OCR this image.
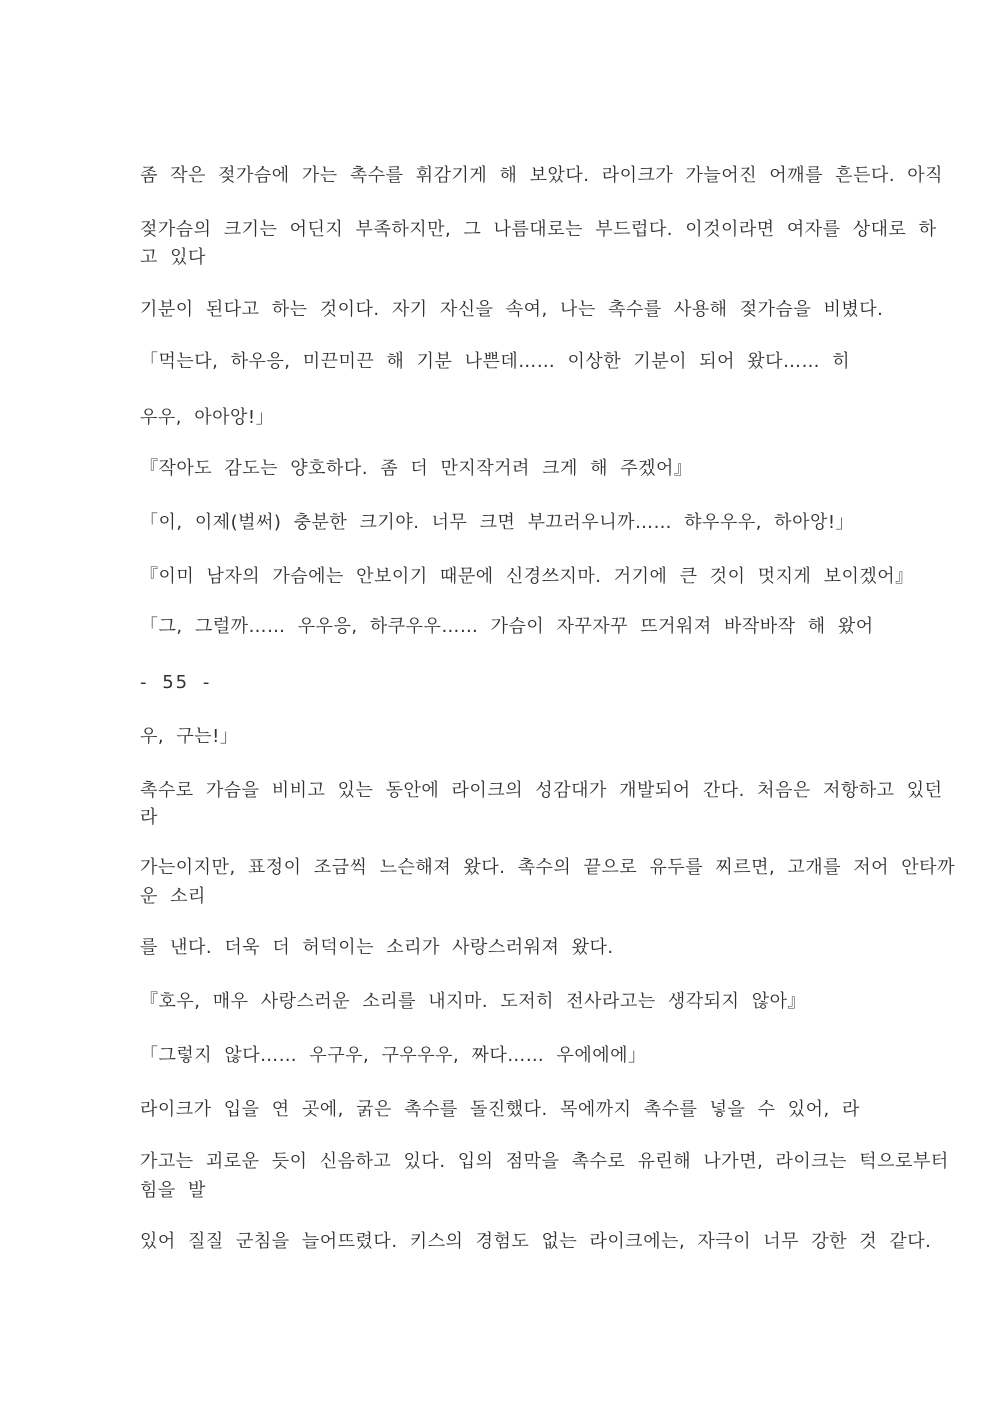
좀 작은 젖가슴에 가는 촉수를 휘감기게 해 보았다. 라이크가 가늘어진 어깨를 흔든다. 아직
젖가슴의 크기는 어딘지 부족하지만, 그 나름대로는 부드럽다. 이것이라면 여자를 상대로 하
고 있다
기분이 된다고 하는 것이다. 자기 자신을 속여, 나는 촉수를 사용해 젖가슴을 비볐다.
「먹는다, 하우응, 미끈미끈 해 기분 나쁜데…… 이상한 기분이 되어 왔다…… 히
우우, 아아앙!」
『작아도 감도는 양호하다. 좀 더 만지작거려 크게 해 주겠어』
「이, 이제(벌써) 충분한 크기야. 너무 크면 부끄러우니까…… 햐우우우, 하아앙!」
『이미 남자의 가슴에는 안보이기 때문에 신경쓰지마. 거기에 큰 것이 멋지게 보이겠어』
「그, 그럴까…… 우우응, 하쿠우우…… 가슴이 자꾸자꾸 뜨거워져 바작바작 해 왔어
- 55 -
우, 구는!」
촉수로 가슴을 비비고 있는 동안에 라이크의 성감대가 개발되어 간다. 처음은 저항하고 있던
라
가는이지만, 표정이 조금씩 느슨해져 왔다. 촉수의 끝으로 유두를 찌르면, 고개를 저어 안타까
운 소리
를 낸다. 더욱 더 허덕이는 소리가 사랑스러워져 왔다.
『호우, 매우 사랑스러운 소리를 내지마. 도저히 전사라고는 생각되지 않아』
「그렇지 않다…… 우구우, 구우우우, 짜다…… 우에에에」
라이크가 입을 연 곳에, 굵은 촉수를 돌진했다. 목에까지 촉수를 넣을 수 있어, 라
가고는 괴로운 듯이 신음하고 있다. 입의 점막을 촉수로 유린해 나가면, 라이크는 턱으로부터
힘을 발
있어 질질 군침을 늘어뜨렸다. 키스의 경험도 없는 라이크에는, 자극이 너무 강한 것 같다.
